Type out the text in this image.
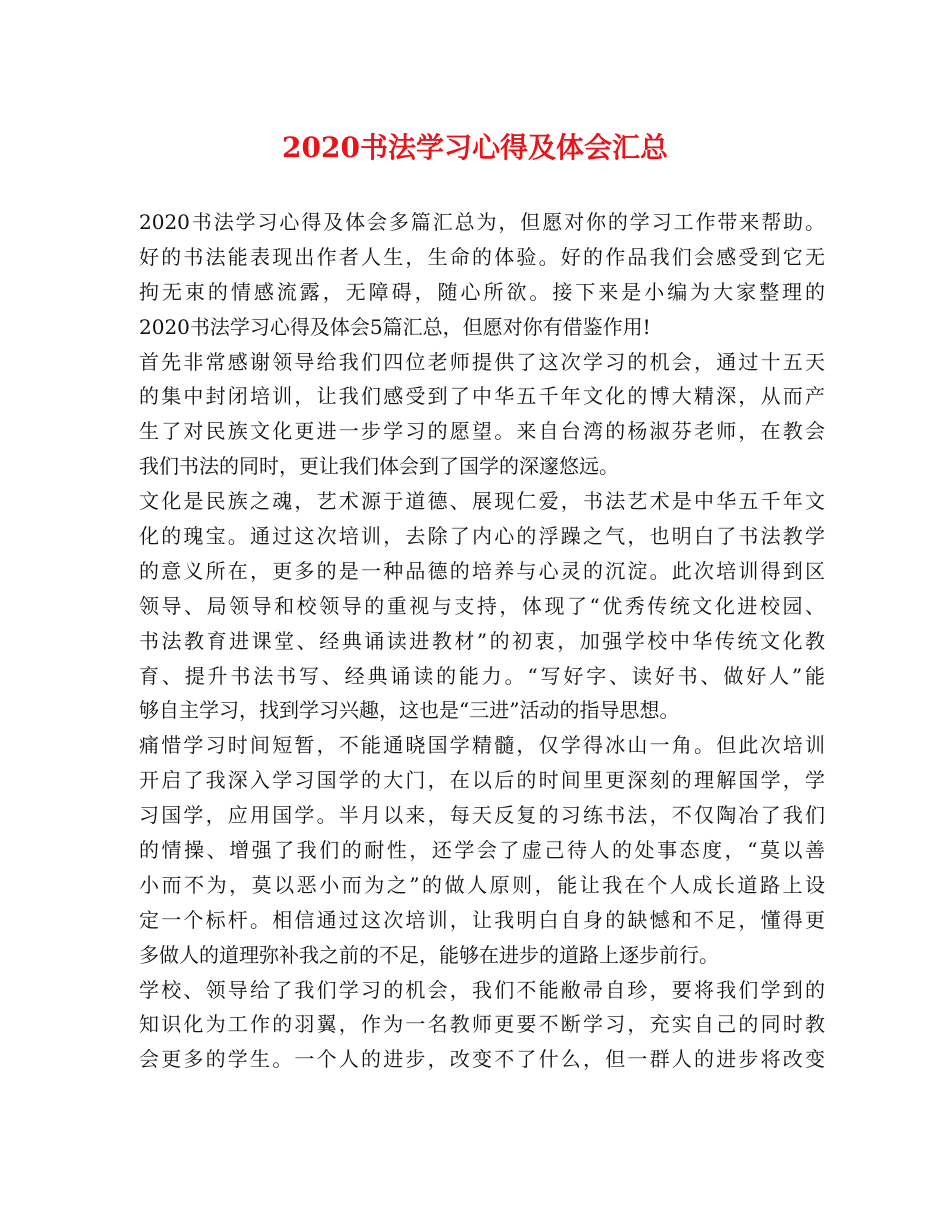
2020书法学习心得及体会汇总
2020书法学习心得及体会多篇汇总为，但愿对你的学习工作带来帮助。
好的书法能表现出作者人生，生命的体验。好的作品我们会感受到它无
拘无束的情感流露，无障碍，随心所欲。接下来是小编为大家整理的
2020书法学习心得及体会5篇汇总，但愿对你有借鉴作用!
首先非常感谢领导给我们四位老师提供了这次学习的机会，通过十五天
的集中封闭培训，让我们感受到了中华五千年文化的博大精深，从而产
生了对民族文化更进一步学习的愿望。来自台湾的杨淑芬老师，在教会
我们书法的同时，更让我们体会到了国学的深邃悠远。
文化是民族之魂，艺术源于道德、展现仁爱，书法艺术是中华五千年文
化的瑰宝。通过这次培训，去除了内心的浮躁之气，也明白了书法教学
的意义所在，更多的是一种品德的培养与心灵的沉淀。此次培训得到区
领导、局领导和校领导的重视与支持，体现了“优秀传统文化进校园、
书法教育进课堂、经典诵读进教材”的初衷，加强学校中华传统文化教
育、提升书法书写、经典诵读的能力。“写好字、读好书、做好人”能
够自主学习，找到学习兴趣，这也是“三进”活动的指导思想。
痛惜学习时间短暂，不能通晓国学精髓，仅学得冰山一角。但此次培训
开启了我深入学习国学的大门，在以后的时间里更深刻的理解国学，学
习国学，应用国学。半月以来，每天反复的习练书法，不仅陶冶了我们
的情操、增强了我们的耐性，还学会了虚己待人的处事态度，“莫以善
小而不为，莫以恶小而为之”的做人原则，能让我在个人成长道路上设
定一个标杆。相信通过这次培训，让我明白自身的缺憾和不足，懂得更
多做人的道理弥补我之前的不足，能够在进步的道路上逐步前行。
学校、领导给了我们学习的机会，我们不能敝帚自珍，要将我们学到的
知识化为工作的羽翼，作为一名教师更要不断学习，充实自己的同时教
会更多的学生。一个人的进步，改变不了什么，但一群人的进步将改变
